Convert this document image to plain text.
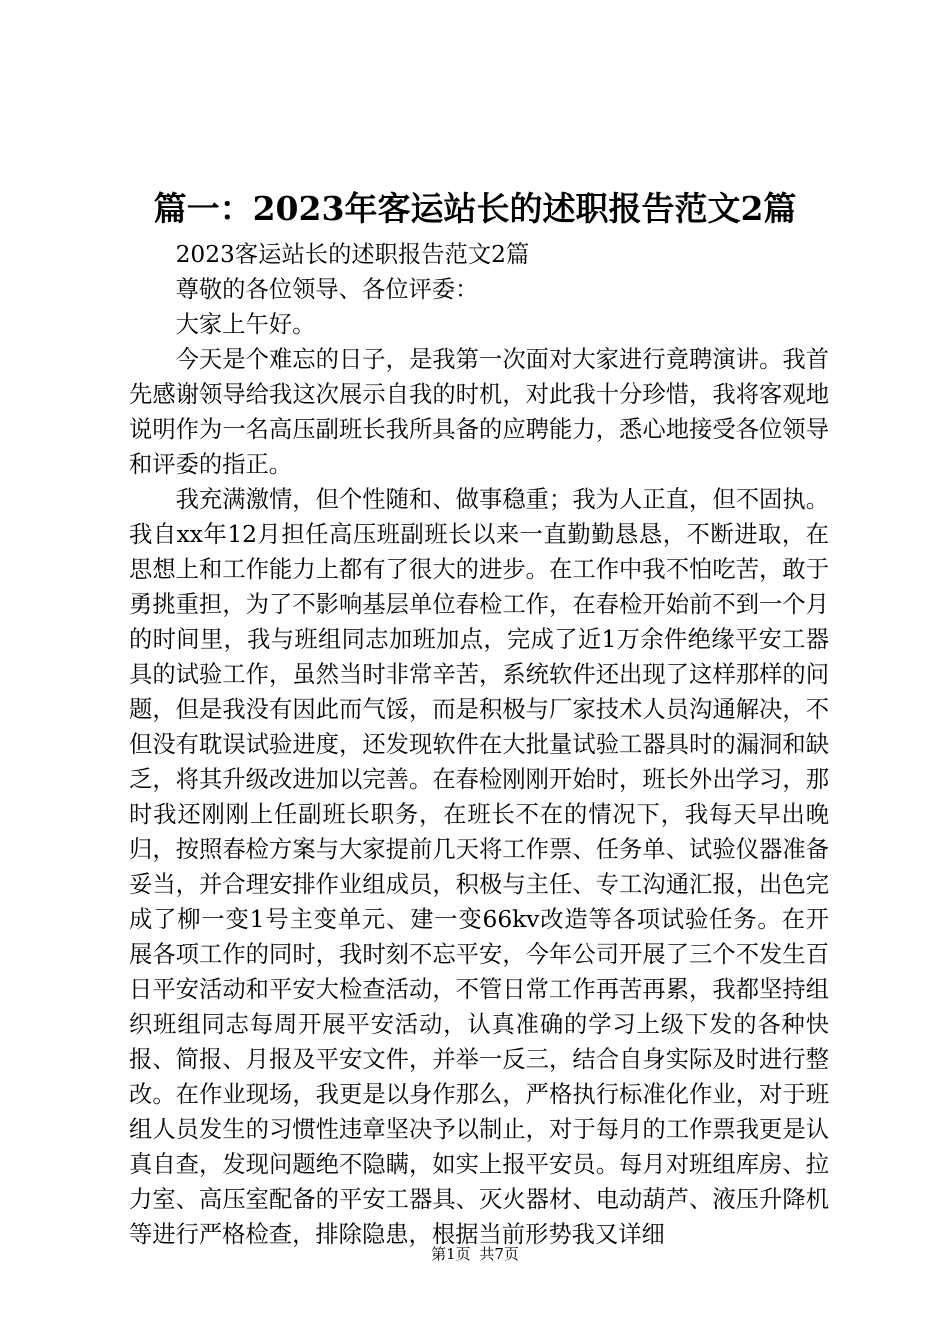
篇一：2023年客运站长的述职报告范文2篇

2023客运站长的述职报告范文2篇

尊敬的各位领导、各位评委：

大家上午好。

今天是个难忘的日子，是我第一次面对大家进行竟聘演讲。我首先感谢领导给我这次展示自我的时机，对此我十分珍惜，我将客观地说明作为一名高压副班长我所具备的应聘能力，悉心地接受各位领导和评委的指正。

我充满激情，但个性随和、做事稳重；我为人正直，但不固执。我自xx年12月担任高压班副班长以来一直勤勤恳恳，不断进取，在思想上和工作能力上都有了很大的进步。在工作中我不怕吃苦，敢于勇挑重担，为了不影响基层单位春检工作，在春检开始前不到一个月的时间里，我与班组同志加班加点，完成了近1万余件绝缘平安工器具的试验工作，虽然当时非常辛苦，系统软件还出现了这样那样的问题，但是我没有因此而气馁，而是积极与厂家技术人员沟通解决，不但没有耽误试验进度，还发现软件在大批量试验工器具时的漏洞和缺乏，将其升级改进加以完善。在春检刚刚开始时，班长外出学习，那时我还刚刚上任副班长职务，在班长不在的情况下，我每天早出晚归，按照春检方案与大家提前几天将工作票、任务单、试验仪器准备妥当，并合理安排作业组成员，积极与主任、专工沟通汇报，出色完成了柳一变1号主变单元、建一变66kv改造等各项试验任务。在开展各项工作的同时，我时刻不忘平安，今年公司开展了三个不发生百日平安活动和平安大检查活动，不管日常工作再苦再累，我都坚持组织班组同志每周开展平安活动，认真准确的学习上级下发的各种快报、简报、月报及平安文件，并举一反三，结合自身实际及时进行整改。在作业现场，我更是以身作那么，严格执行标准化作业，对于班组人员发生的习惯性违章坚决予以制止，对于每月的工作票我更是认真自查，发现问题绝不隐瞒，如实上报平安员。每月对班组库房、拉力室、高压室配备的平安工器具、灭火器材、电动葫芦、液压升降机等进行严格检查，排除隐患，根据当前形势我又详细

第1页 共7页
